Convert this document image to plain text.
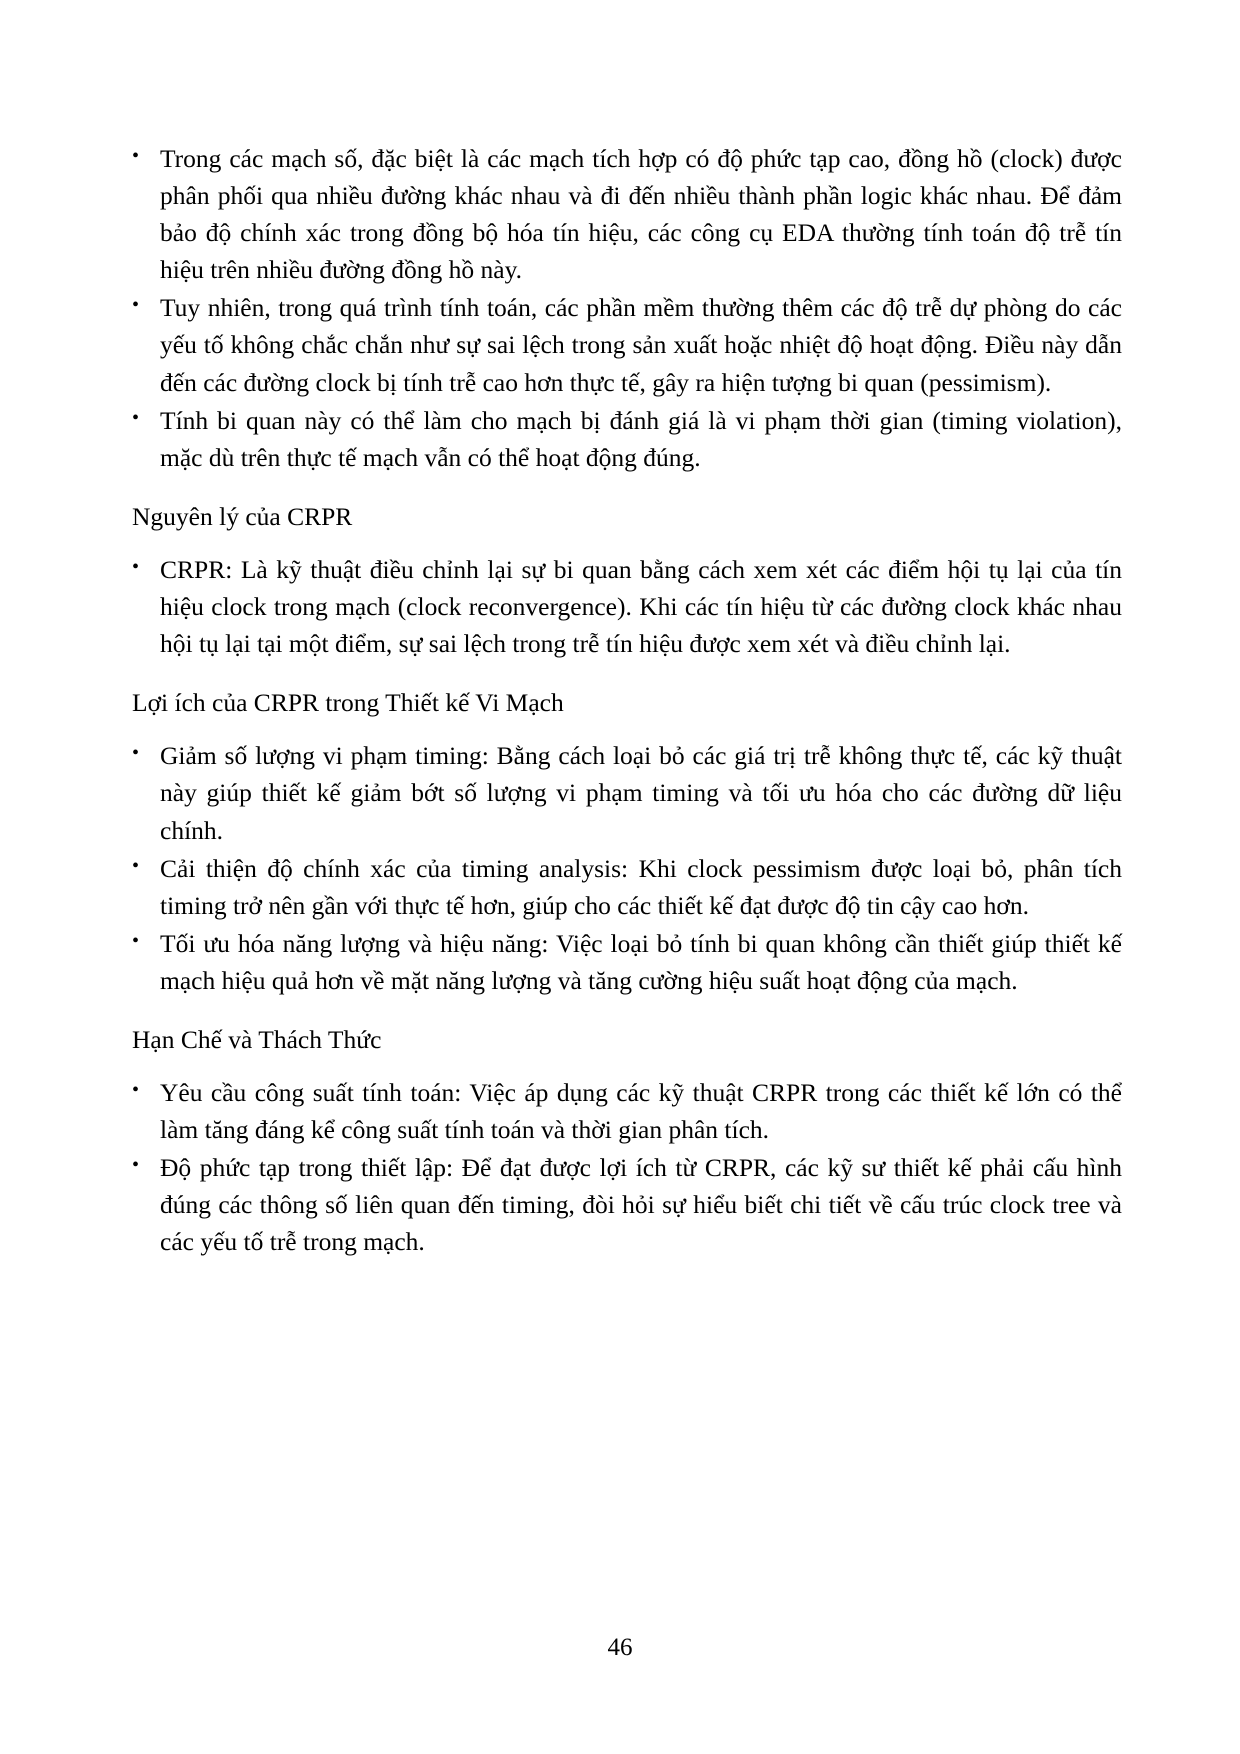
• Trong các mạch số, đặc biệt là các mạch tích hợp có độ phức tạp cao, đồng hồ (clock) được phân phối qua nhiều đường khác nhau và đi đến nhiều thành phần logic khác nhau. Để đảm bảo độ chính xác trong đồng bộ hóa tín hiệu, các công cụ EDA thường tính toán độ trễ tín hiệu trên nhiều đường đồng hồ này.
• Tuy nhiên, trong quá trình tính toán, các phần mềm thường thêm các độ trễ dự phòng do các yếu tố không chắc chắn như sự sai lệch trong sản xuất hoặc nhiệt độ hoạt động. Điều này dẫn đến các đường clock bị tính trễ cao hơn thực tế, gây ra hiện tượng bi quan (pessimism).
• Tính bi quan này có thể làm cho mạch bị đánh giá là vi phạm thời gian (timing violation), mặc dù trên thực tế mạch vẫn có thể hoạt động đúng.
Nguyên lý của CRPR
• CRPR: Là kỹ thuật điều chỉnh lại sự bi quan bằng cách xem xét các điểm hội tụ lại của tín hiệu clock trong mạch (clock reconvergence). Khi các tín hiệu từ các đường clock khác nhau hội tụ lại tại một điểm, sự sai lệch trong trễ tín hiệu được xem xét và điều chỉnh lại.
Lợi ích của CRPR trong Thiết kế Vi Mạch
• Giảm số lượng vi phạm timing: Bằng cách loại bỏ các giá trị trễ không thực tế, các kỹ thuật này giúp thiết kế giảm bớt số lượng vi phạm timing và tối ưu hóa cho các đường dữ liệu chính.
• Cải thiện độ chính xác của timing analysis: Khi clock pessimism được loại bỏ, phân tích timing trở nên gần với thực tế hơn, giúp cho các thiết kế đạt được độ tin cậy cao hơn.
• Tối ưu hóa năng lượng và hiệu năng: Việc loại bỏ tính bi quan không cần thiết giúp thiết kế mạch hiệu quả hơn về mặt năng lượng và tăng cường hiệu suất hoạt động của mạch.
Hạn Chế và Thách Thức
• Yêu cầu công suất tính toán: Việc áp dụng các kỹ thuật CRPR trong các thiết kế lớn có thể làm tăng đáng kể công suất tính toán và thời gian phân tích.
• Độ phức tạp trong thiết lập: Để đạt được lợi ích từ CRPR, các kỹ sư thiết kế phải cấu hình đúng các thông số liên quan đến timing, đòi hỏi sự hiểu biết chi tiết về cấu trúc clock tree và các yếu tố trễ trong mạch.
46
